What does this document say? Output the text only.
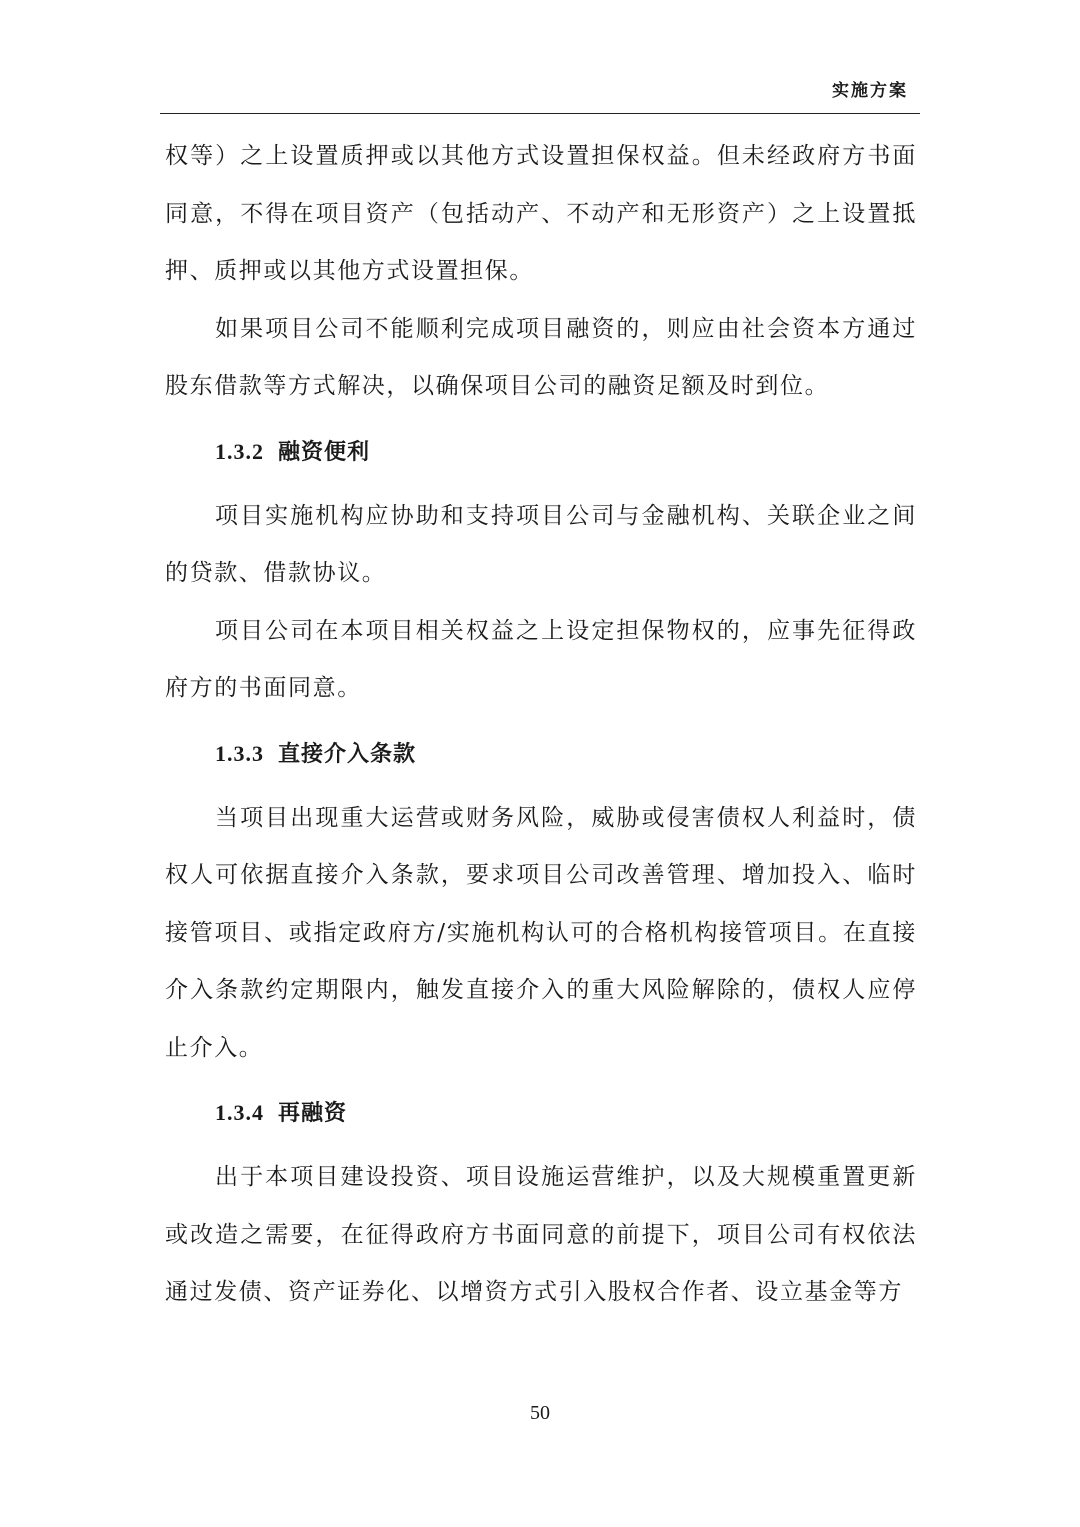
实施方案

权等）之上设置质押或以其他方式设置担保权益。但未经政府方书面同意，不得在项目资产（包括动产、不动产和无形资产）之上设置抵押、质押或以其他方式设置担保。

如果项目公司不能顺利完成项目融资的，则应由社会资本方通过股东借款等方式解决，以确保项目公司的融资足额及时到位。

1.3.2 融资便利

项目实施机构应协助和支持项目公司与金融机构、关联企业之间的贷款、借款协议。

项目公司在本项目相关权益之上设定担保物权的，应事先征得政府方的书面同意。

1.3.3 直接介入条款

当项目出现重大运营或财务风险，威胁或侵害债权人利益时，债权人可依据直接介入条款，要求项目公司改善管理、增加投入、临时接管项目、或指定政府方/实施机构认可的合格机构接管项目。在直接介入条款约定期限内，触发直接介入的重大风险解除的，债权人应停止介入。

1.3.4 再融资

出于本项目建设投资、项目设施运营维护，以及大规模重置更新或改造之需要，在征得政府方书面同意的前提下，项目公司有权依法通过发债、资产证券化、以增资方式引入股权合作者、设立基金等方

50
